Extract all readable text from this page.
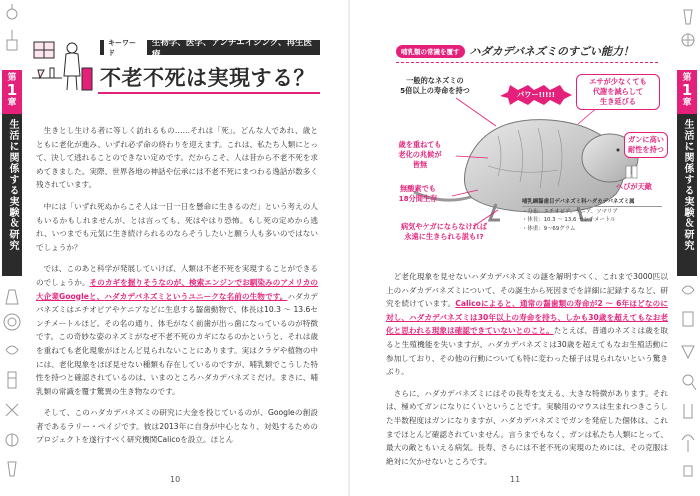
第
1
章
生活に関係する実験＆研究
キーワード
生物学、医学、アンチエイジング、再生医療
不老不死は実現する？

生きとし生ける者に等しく訪れるもの……それは「死」。どんな人であれ、歳とともに老化が進み、いずれ必ず命の終わりを迎えます。これは、私たち人類にとって、決して逃れることのできない定めです。だからこそ、人は昔から不老不死を求めてきました。実際、世界各地の神話や伝承には不老不死にまつわる逸話が数多く残されています。

中には「いずれ死ぬからこそ人は一日一日を懸命に生きるのだ」という考えの人もいるかもしれませんが、とは言っても、死はやはり恐怖。もし死の定めから逃れ、いつまでも元気に生き続けられるのならそうしたいと願う人も多いのではないでしょうか？

では、このあと科学が発展していけば、人類は不老不死を実現することができるのでしょうか。そのカギを握りそうなのが、検索エンジンでお馴染みのアメリカの大企業Googleと、ハダカデバネズミというユニークな名前の生物です。ハダカデバネズミはエチオピアやケニアなどに生息する齧歯動物で、体長は10.3 〜 13.6センチメートルほど。その名の通り、体毛がなく前歯が出っ歯になっているのが特徴です。この奇妙な姿のネズミがなぜ不老不死のカギになるのかというと、それは歳を重ねても老化現象がほとんど見られないことにあります。実はクラゲや植物の中には、老化現象をほぼ見せない種類も存在しているのですが、哺乳類でこうした特性を持つと確認されているのは、いまのところハダカデバネズミだけ。まさに、哺乳類の常識を覆す驚異の生き物なのです。

そして、このハダカデバネズミの研究に大金を投じているのが、Googleの創設者であるラリー・ペイジです。彼は2013年に自身が中心となり、対処するためのプロジェクトを遂行すべく研究機関Calicoを設立。ほとん

10
第
1
章
生活に関係する実験＆研究
哺乳類の常識を覆す ハダカデバネズミのすごい能力！
パワー!!!!!
一般的なネズミの
5倍以上の寿命を持つ
エサが少なくても
代謝を減らして
生き延びる
歳を重ねても
老化の兆候が
皆無
ガンに高い
耐性を持つ
無酸素でも
18分間生存
へびが天敵
病気やケガにならなければ
永遠に生きられる説も!?
哺乳綱齧歯目デバネズミ科ハダカデバネズミ属
・分布：エチオピア、ケニア、ソマリア
・体長：10.3 〜 13.6 センチメートル
・体重：9〜69グラム

ど老化現象を見せないハダカデバネズミの謎を解明すべく、これまで3000匹以上のハダカデバネズミについて、その誕生から死因までを詳細に記録するなど、研究を続けています。Calicoによると、通常の齧歯類の寿命が2 〜 6年ほどなのに対し、ハダカデバネズミは30年以上の寿命を持ち、しかも30歳を超えてもなお老化と思われる現象は確認できていないとのこと。たとえば、普通のネズミは歳を取ると生殖機能を失いますが、ハダカデバネズミは30歳を超えてもなお生殖活動に参加しており、その他の行動についても特に変わった様子は見られないという驚きぶり。

さらに、ハダカデバネズミにはその長寿を支える、大きな特徴があります。それは、極めてガンになりにくいということです。実験用のマウスは生まれつきこうした半数程度はガンになりますが、ハダカデバネズミでガンを発症した個体は、これまでほとんど確認されていません。言うまでもなく、ガンは私たち人類にとって、最大の敵ともいえる病気。長寿、さらには不老不死の実現のためには、その克服は絶対に欠かせないところです。

11
